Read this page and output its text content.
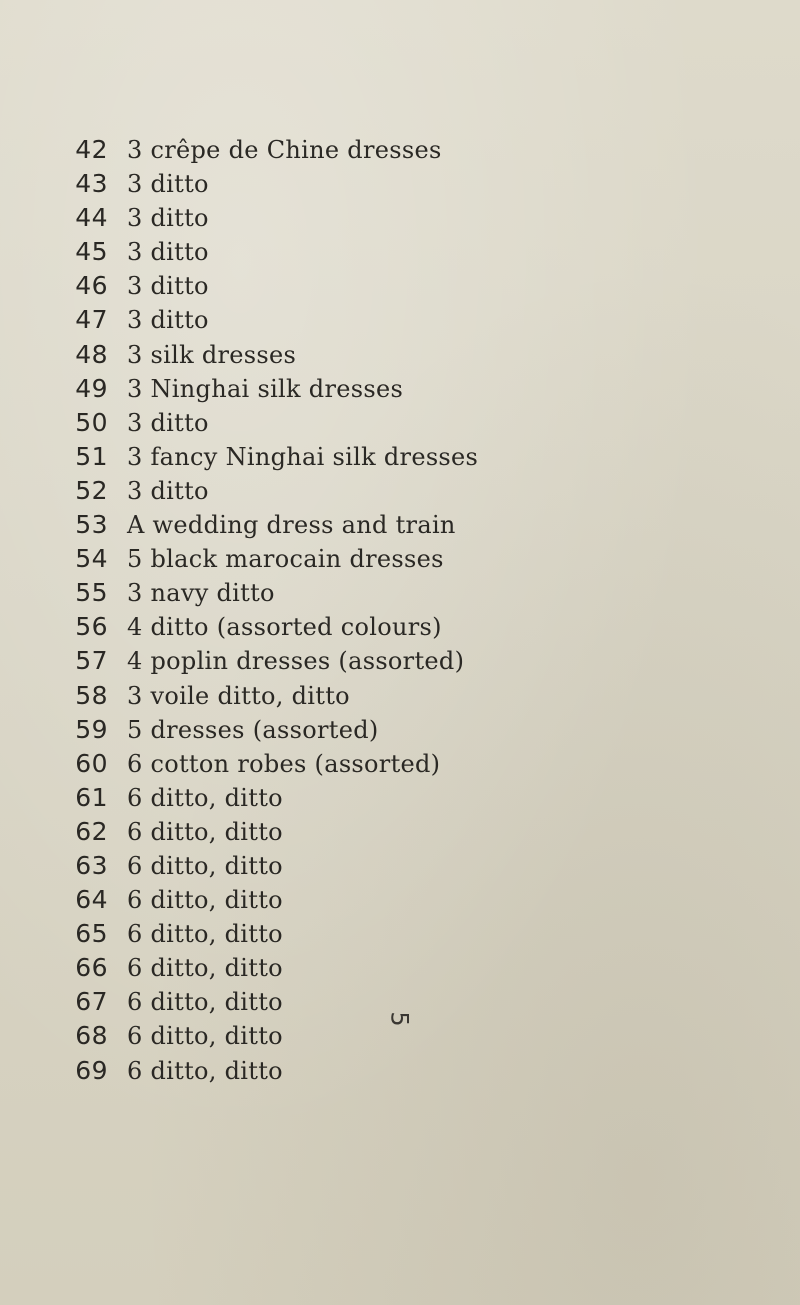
42 3 crêpe de Chine dresses
43 3 ditto
44 3 ditto
45 3 ditto
46 3 ditto
47 3 ditto
48 3 silk dresses
49 3 Ninghai silk dresses
50 3 ditto
51 3 fancy Ninghai silk dresses
52 3 ditto
53 A wedding dress and train
54 5 black marocain dresses
55 3 navy ditto
56 4 ditto (assorted colours)
57 4 poplin dresses (assorted)
58 3 voile ditto, ditto
59 5 dresses (assorted)
60 6 cotton robes (assorted)
61 6 ditto, ditto
62 6 ditto, ditto
63 6 ditto, ditto
64 6 ditto, ditto
65 6 ditto, ditto
66 6 ditto, ditto
67 6 ditto, ditto
68 6 ditto, ditto
69 6 ditto, ditto
5
